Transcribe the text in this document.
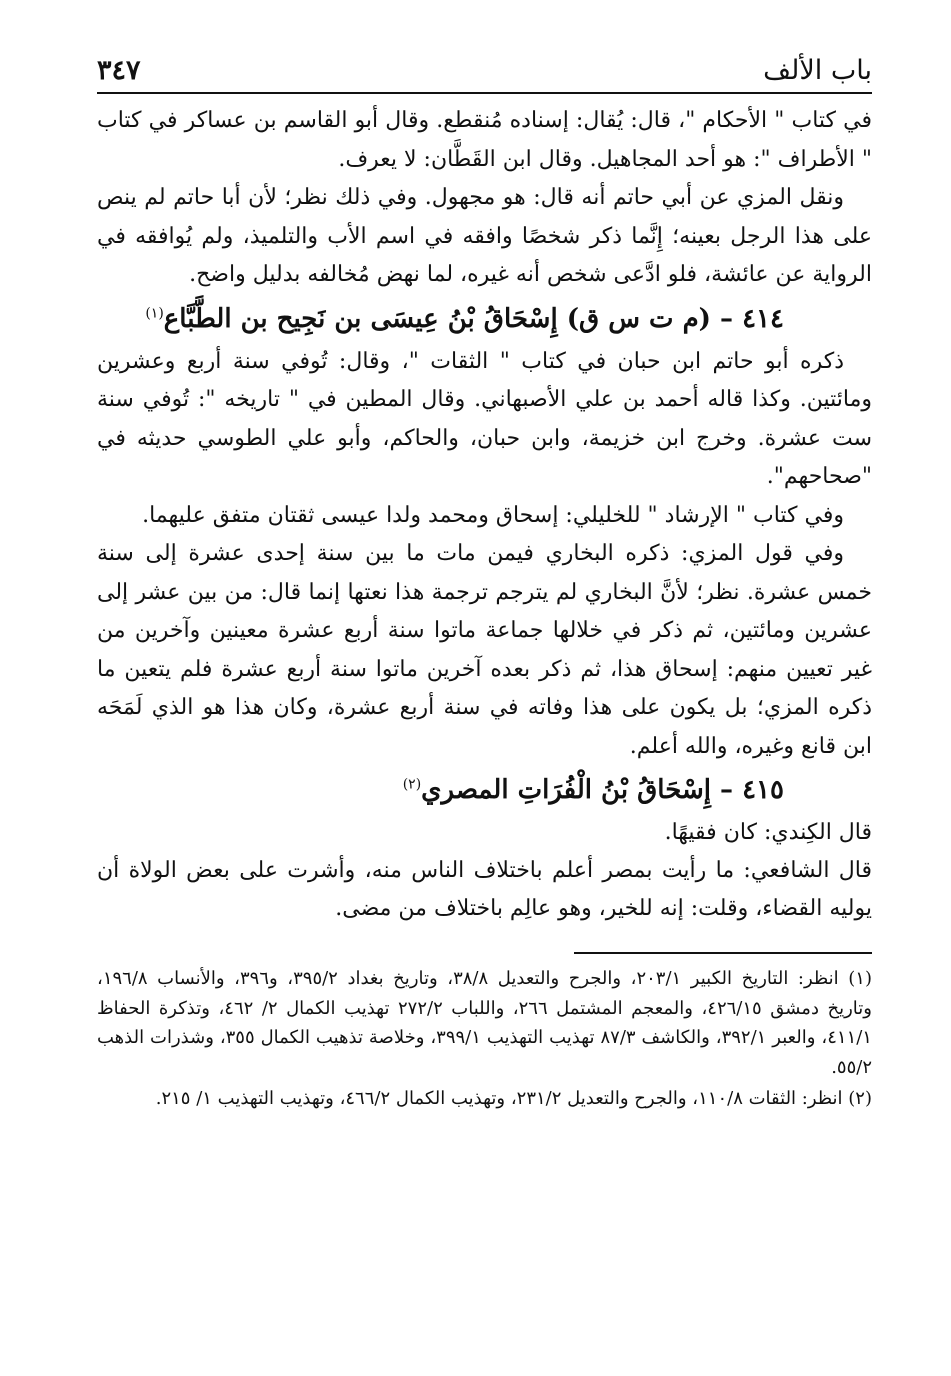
باب الألف
٣٤٧

في كتاب " الأحكام "، قال: يُقال: إسناده مُنقطع. وقال أبو القاسم بن عساكر في كتاب " الأطراف ": هو أحد المجاهيل. وقال ابن القَطَّان: لا يعرف.

ونقل المزي عن أبي حاتم أنه قال: هو مجهول. وفي ذلك نظر؛ لأن أبا حاتم لم ينص على هذا الرجل بعينه؛ إِنَّما ذكر شخصًا وافقه في اسم الأب والتلميذ، ولم يُوافقه في الرواية عن عائشة، فلو ادَّعى شخص أنه غيره، لما نهض مُخالفه بدليل واضح.

٤١٤ – (م ت س ق) إِسْحَاقُ بْنُ عِيسَى بن نَجِيح بن الطَّبَّاع$^{(١)}$

ذكره أبو حاتم ابن حبان في كتاب " الثقات "، وقال: تُوفي سنة أربع وعشرين ومائتين. وكذا قاله أحمد بن علي الأصبهاني. وقال المطين في " تاريخه ": تُوفي سنة ست عشرة. وخرج ابن خزيمة، وابن حبان، والحاكم، وأبو علي الطوسي حديثه في "صحاحهم".

وفي كتاب " الإرشاد " للخليلي: إسحاق ومحمد ولدا عيسى ثقتان متفق عليهما.

وفي قول المزي: ذكره البخاري فيمن مات ما بين سنة إحدى عشرة إلى سنة خمس عشرة. نظر؛ لأنَّ البخاري لم يترجم ترجمة هذا نعتها إنما قال: من بين عشر إلى عشرين ومائتين، ثم ذكر في خلالها جماعة ماتوا سنة أربع عشرة معينين وآخرين من غير تعيين منهم: إسحاق هذا، ثم ذكر بعده آخرين ماتوا سنة أربع عشرة فلم يتعين ما ذكره المزي؛ بل يكون على هذا وفاته في سنة أربع عشرة، وكان هذا هو الذي لَمَحَه ابن قانع وغيره، والله أعلم.

٤١٥ – إِسْحَاقُ بْنُ الْفُرَاتِ المصري$^{(٢)}$

قال الكِندي: كان فقيهًا.

قال الشافعي: ما رأيت بمصر أعلم باختلاف الناس منه، وأشرت على بعض الولاة أن يوليه القضاء، وقلت: إنه للخير، وهو عالِم باختلاف من مضى.

(١) انظر: التاريخ الكبير ٢٠٣/١، والجرح والتعديل ٣٨/٨، وتاريخ بغداد ٣٩٥/٢، و٣٩٦، والأنساب ١٩٦/٨، وتاريخ دمشق ٤٢٦/١٥، والمعجم المشتمل ٢٦٦، واللباب ٢٧٢/٢ تهذيب الكمال ٢/ ٤٦٢، وتذكرة الحفاظ ٤١١/١، والعبر ٣٩٢/١، والكاشف ٨٧/٣ تهذيب التهذيب ٣٩٩/١، وخلاصة تذهيب الكمال ٣٥٥، وشذرات الذهب ٥٥/٢.

(٢) انظر: الثقات ١١٠/٨، والجرح والتعديل ٢٣١/٢، وتهذيب الكمال ٤٦٦/٢، وتهذيب التهذيب ١/ ٢١٥.
